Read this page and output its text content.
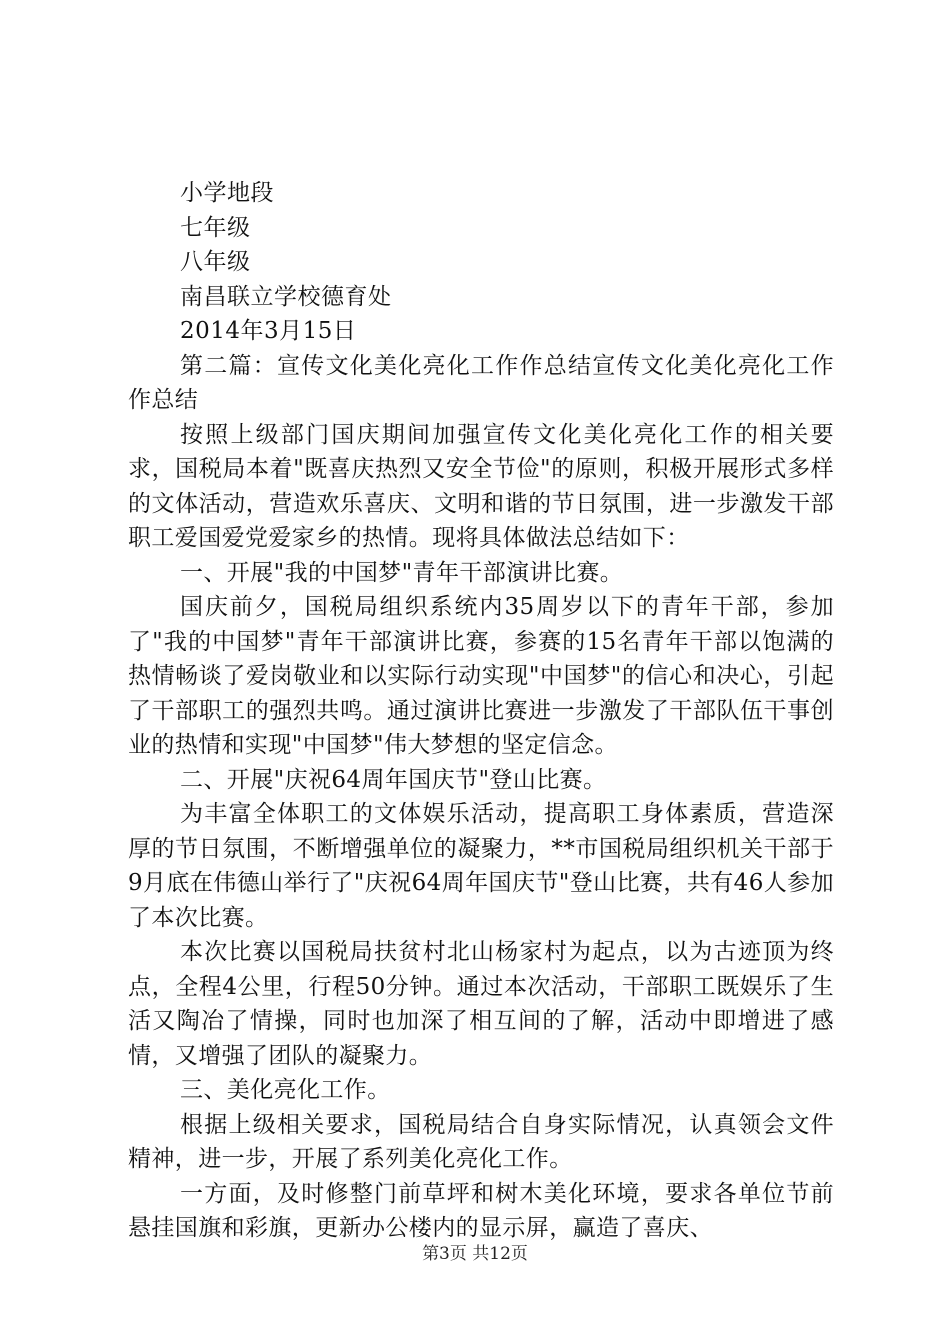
小学地段

七年级

八年级

南昌联立学校德育处

2014年3月15日

第二篇：宣传文化美化亮化工作作总结宣传文化美化亮化工作作总结

按照上级部门国庆期间加强宣传文化美化亮化工作的相关要求，国税局本着"既喜庆热烈又安全节俭"的原则，积极开展形式多样的文体活动，营造欢乐喜庆、文明和谐的节日氛围，进一步激发干部职工爱国爱党爱家乡的热情。现将具体做法总结如下：

一、开展"我的中国梦"青年干部演讲比赛。

国庆前夕，国税局组织系统内35周岁以下的青年干部，参加了"我的中国梦"青年干部演讲比赛，参赛的15名青年干部以饱满的热情畅谈了爱岗敬业和以实际行动实现"中国梦"的信心和决心，引起了干部职工的强烈共鸣。通过演讲比赛进一步激发了干部队伍干事创业的热情和实现"中国梦"伟大梦想的坚定信念。

二、开展"庆祝64周年国庆节"登山比赛。

为丰富全体职工的文体娱乐活动，提高职工身体素质，营造深厚的节日氛围，不断增强单位的凝聚力，**市国税局组织机关干部于9月底在伟德山举行了"庆祝64周年国庆节"登山比赛，共有46人参加了本次比赛。

本次比赛以国税局扶贫村北山杨家村为起点，以为古迹顶为终点，全程4公里，行程50分钟。通过本次活动，干部职工既娱乐了生活又陶冶了情操，同时也加深了相互间的了解，活动中即增进了感情，又增强了团队的凝聚力。

三、美化亮化工作。

根据上级相关要求，国税局结合自身实际情况，认真领会文件精神，进一步，开展了系列美化亮化工作。

一方面，及时修整门前草坪和树木美化环境，要求各单位节前悬挂国旗和彩旗，更新办公楼内的显示屏，赢造了喜庆、

第3页 共12页
